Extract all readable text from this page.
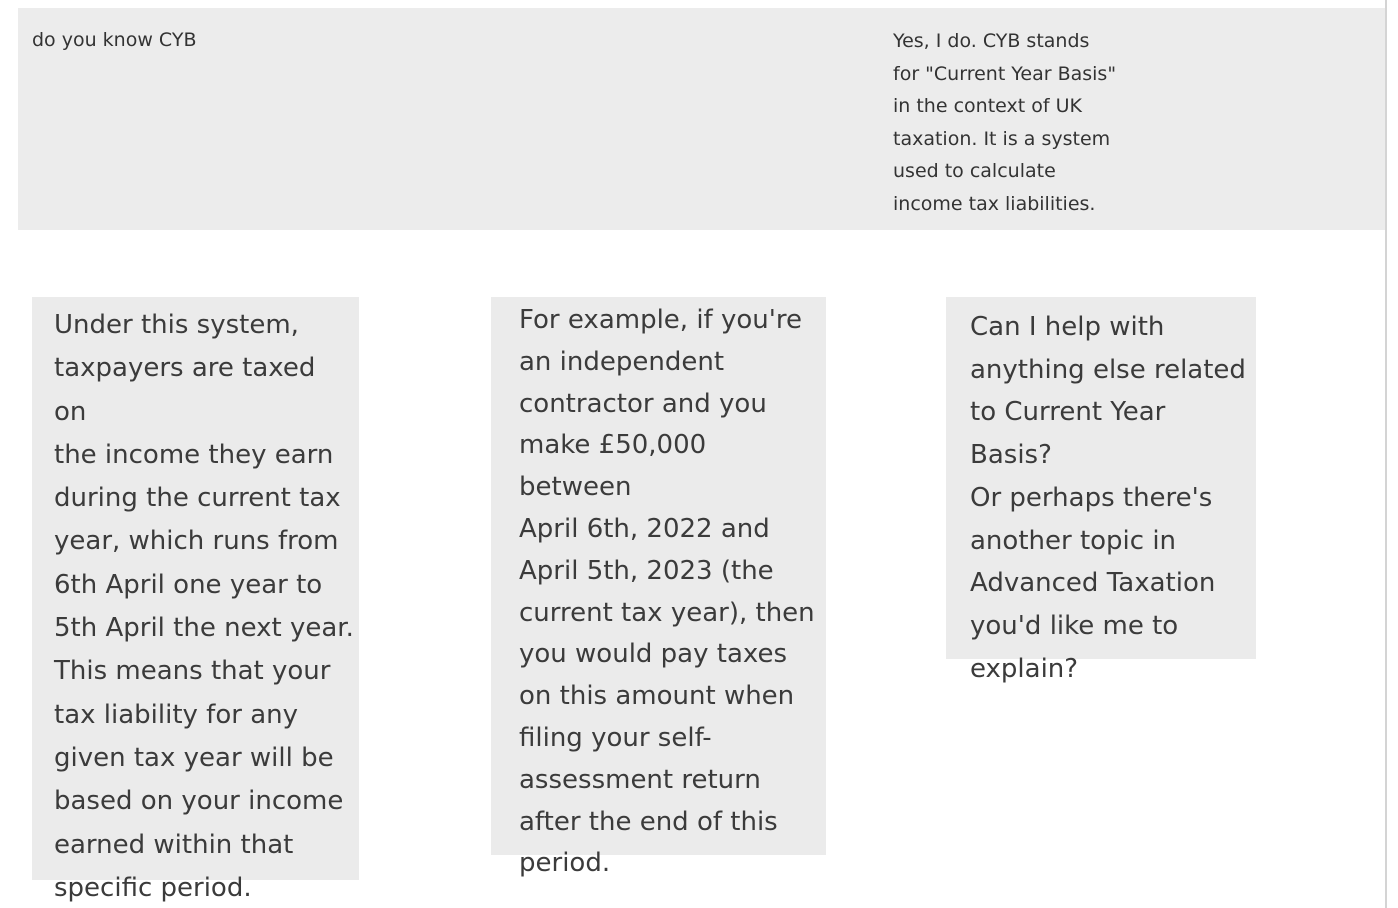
do you know CYB	Yes, I do. CYB stands
for "Current Year Basis"
in the context of UK
taxation. It is a system
used to calculate
income tax liabilities.
Under this system,
taxpayers are taxed on
the income they earn
during the current tax
year, which runs from
6th April one year to
5th April the next year.
This means that your
tax liability for any
given tax year will be
based on your income
earned within that
specific period.
For example, if you're
an independent
contractor and you
make £50,000 between
April 6th, 2022 and
April 5th, 2023 (the
current tax year), then
you would pay taxes
on this amount when
filing your self-
assessment return
after the end of this
period.
Can I help with
anything else related
to Current Year Basis?
Or perhaps there's
another topic in
Advanced Taxation
you'd like me to
explain?
